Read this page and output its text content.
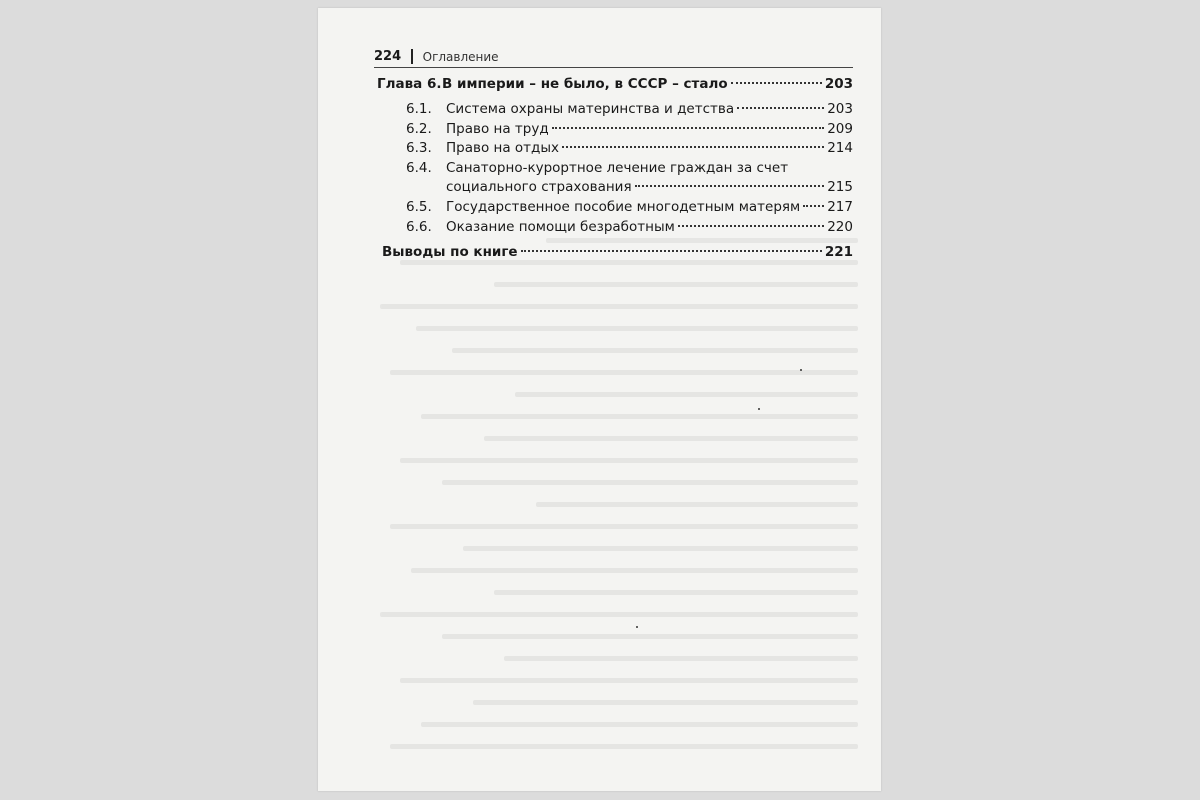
224 Оглавление
Глава 6. В империи – не было, в СССР – стало	203
6.1.	Система охраны материнства и детства	203
6.2.	Право на труд	209
6.3.	Право на отдых	214
6.4.	Санаторно-курортное лечение граждан за счет
социального страхования	215
6.5.	Государственное пособие многодетным матерям 217
6.6.	Оказание помощи безработным	220
Выводы по книге	221
